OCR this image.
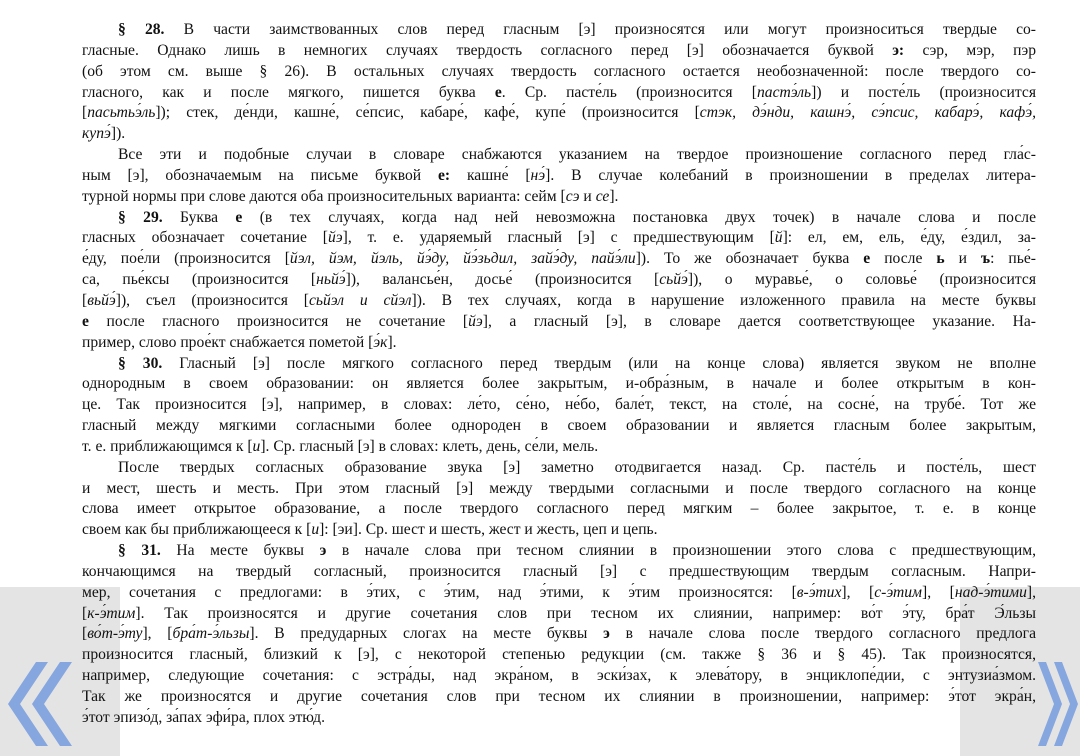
§ 28. В части заимствованных слов перед гласным [э] произносятся или могут произноситься твердые со-
гласные. Однако лишь в немногих случаях твердость согласного перед [э] обозначается буквой э: сэр, мэр, пэр
(об этом см. выше § 26). В остальных случаях твердость согласного остается необозначенной: после твердого со-
гласного, как и после мягкого, пишется буква е. Ср. пасте́ль (произносится [пастэ́ль]) и посте́ль (произносится
[пасьтьэ́ль]); стек, де́нди, кашне́, се́псис, кабаре́, кафе́, купе́ (произносится [стэк, дэ́нди, кашнэ́, сэ́псис, кабарэ́, кафэ́,
купэ́]).
Все эти и подобные случаи в словаре снабжаются указанием на твердое произношение согласного перед гла́с-
ным [э], обозначаемым на письме буквой е: кашне́ [нэ́]. В случае колебаний в произношении в пределах литера-
турной нормы при слове даются оба произносительных варианта: сейм [сэ и се].
§ 29. Буква е (в тех случаях, когда над ней невозможна постановка двух точек) в начале слова и после
гласных обозначает сочетание [йэ], т. е. ударяемый гласный [э] с предшествующим [й]: ел, ем, ель, е́ду, е́здил, за-
е́ду, пое́ли (произносится [йэл, йэм, йэль, йэ́ду, йэ́зьдил, зайэ́ду, пайэ́ли]). То же обозначает буква е после ь и ъ: пье́-
са, пье́ксы (произносится [ньйэ́]), валансье́н, досье́ (произносится [сьйэ́]), о муравье́, о соловье́ (произносится
[вьйэ́]), съел (произносится [сьйэл и сйэл]). В тех случаях, когда в нарушение изложенного правила на месте буквы
е после гласного произносится не сочетание [йэ], а гласный [э], в словаре дается соответствующее указание. На-
пример, слово прое́кт снабжается пометой [э́к].
§ 30. Гласный [э] после мягкого согласного перед твердым (или на конце слова) является звуком не вполне
однородным в своем образовании: он является более закрытым, и-обра́зным, в начале и более открытым в кон-
це. Так произносится [э], например, в словах: ле́то, се́но, не́бо, бале́т, текст, на столе́, на сосне́, на трубе́. Тот же
гласный между мягкими согласными более однороден в своем образовании и является гласным более закрытым,
т. е. приближающимся к [и]. Ср. гласный [э] в словах: клеть, день, се́ли, мель.
После твердых согласных образование звука [э] заметно отодвигается назад. Ср. пасте́ль и посте́ль, шест
и мест, шесть и месть. При этом гласный [э] между твердыми согласными и после твердого согласного на конце
слова имеет открытое образование, а после твердого согласного перед мягким – более закрытое, т. е. в конце
своем как бы приближающееся к [и]: [эи]. Ср. шест и шесть, жест и жесть, цеп и цепь.
§ 31. На месте буквы э в начале слова при тесном слиянии в произношении этого слова с предшествующим,
кончающимся на твердый согласный, произносится гласный [э] с предшествующим твердым согласным. Напри-
мер, сочетания с предлогами: в э́тих, с э́тим, над э́тими, к э́тим произносятся: [в-э́тих], [с-э́тим], [над-э́тими],
[к-э́тим]. Так произносятся и другие сочетания слов при тесном их слиянии, например: во́т э́ту, бра́т Э́льзы
[во́т-э́ту], [бра́т-э́льзы]. В предударных слогах на месте буквы э в начале слова после твердого согласного предлога
произносится гласный, близкий к [э], с некоторой степенью редукции (см. также § 36 и § 45). Так произносятся,
например, следующие сочетания: с эстра́ды, над экра́ном, в эски́зах, к элева́тору, в энциклопе́дии, с энтузиа́змом.
Так же произносятся и другие сочетания слов при тесном их слиянии в произношении, например: э́тот экра́н,
э́тот эпизо́д, за́пах эфи́ра, плох этю́д.
